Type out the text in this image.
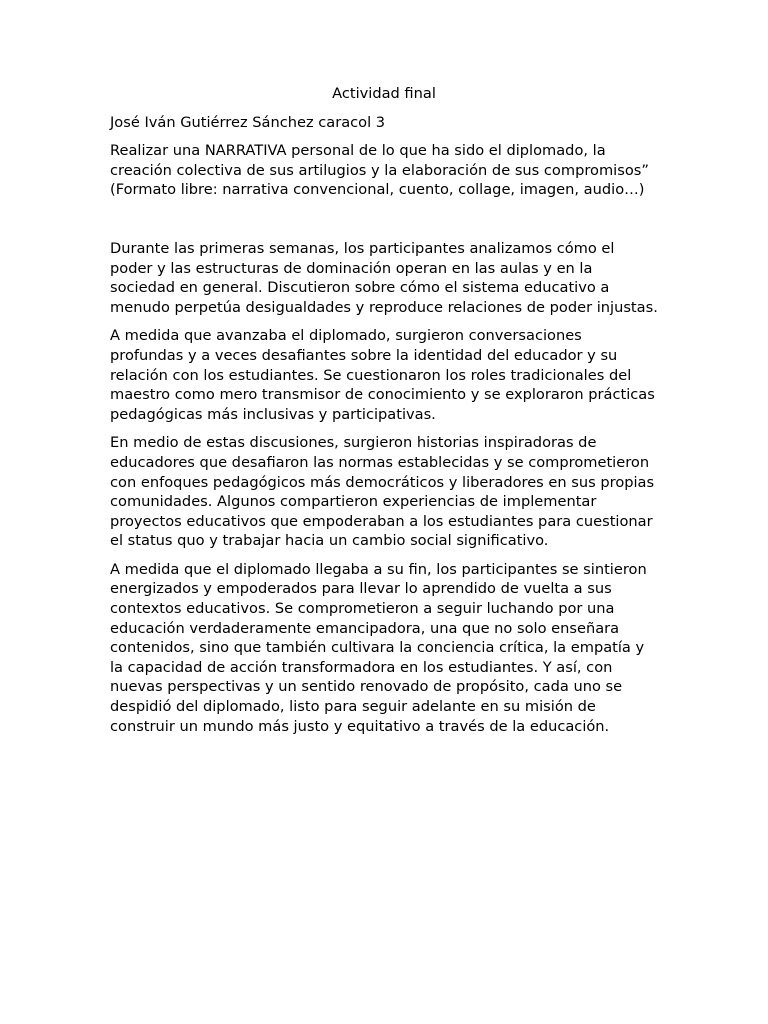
Actividad final

José Iván Gutiérrez Sánchez caracol 3

Realizar una NARRATIVA personal de lo que ha sido el diplomado, la creación colectiva de sus artilugios y la elaboración de sus compromisos” (Formato libre: narrativa convencional, cuento, collage, imagen, audio…)

Durante las primeras semanas, los participantes analizamos cómo el poder y las estructuras de dominación operan en las aulas y en la sociedad en general. Discutieron sobre cómo el sistema educativo a menudo perpetúa desigualdades y reproduce relaciones de poder injustas.

A medida que avanzaba el diplomado, surgieron conversaciones profundas y a veces desafiantes sobre la identidad del educador y su relación con los estudiantes. Se cuestionaron los roles tradicionales del maestro como mero transmisor de conocimiento y se exploraron prácticas pedagógicas más inclusivas y participativas.

En medio de estas discusiones, surgieron historias inspiradoras de educadores que desafiaron las normas establecidas y se comprometieron con enfoques pedagógicos más democráticos y liberadores en sus propias comunidades. Algunos compartieron experiencias de implementar proyectos educativos que empoderaban a los estudiantes para cuestionar el status quo y trabajar hacia un cambio social significativo.

A medida que el diplomado llegaba a su fin, los participantes se sintieron energizados y empoderados para llevar lo aprendido de vuelta a sus contextos educativos. Se comprometieron a seguir luchando por una educación verdaderamente emancipadora, una que no solo enseñara contenidos, sino que también cultivara la conciencia crítica, la empatía y la capacidad de acción transformadora en los estudiantes. Y así, con nuevas perspectivas y un sentido renovado de propósito, cada uno se despidió del diplomado, listo para seguir adelante en su misión de construir un mundo más justo y equitativo a través de la educación.
